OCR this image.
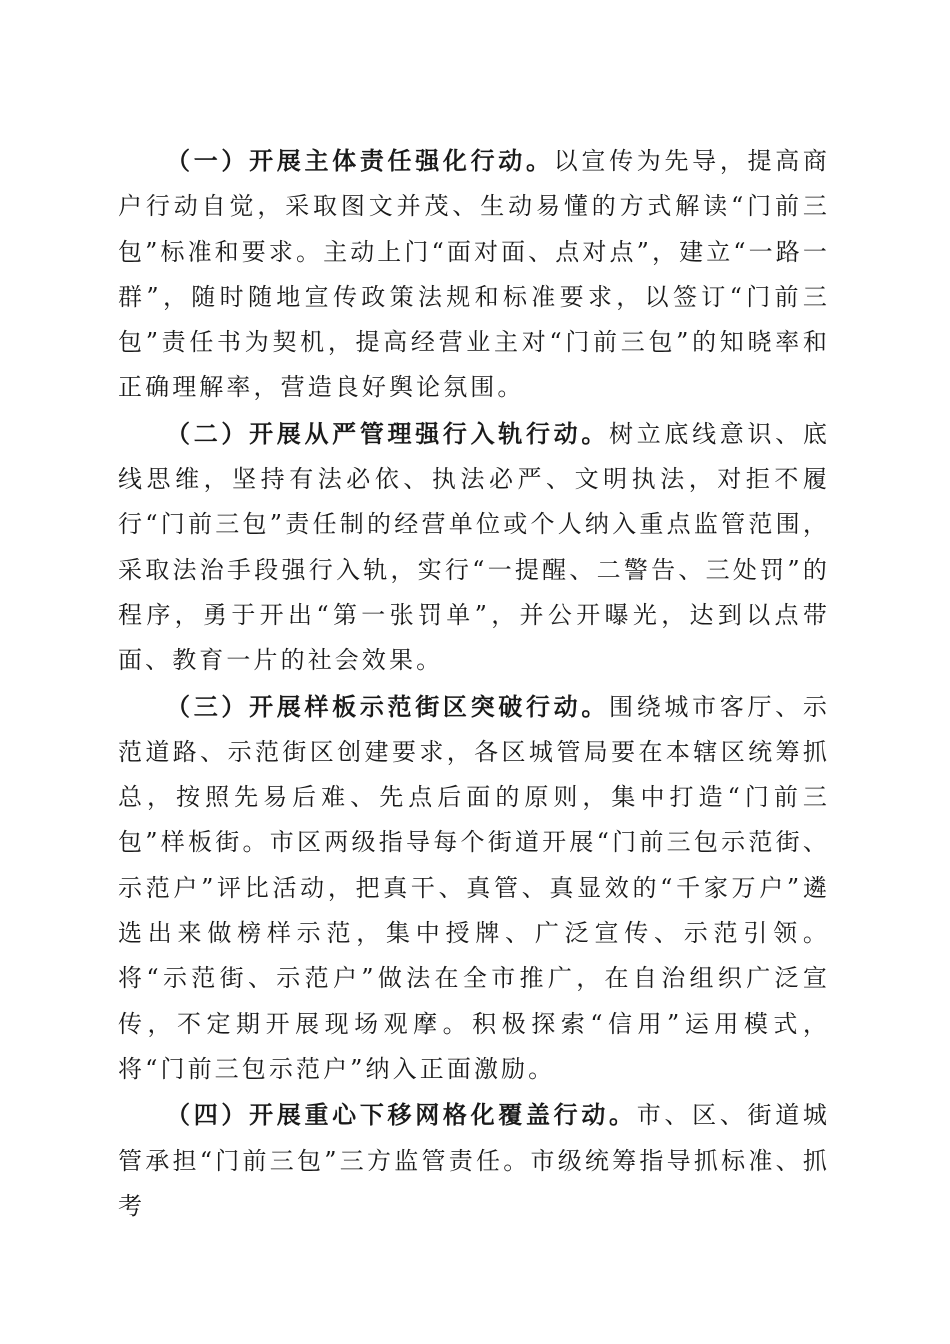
（一）开展主体责任强化行动。以宣传为先导，提高商户行动自觉，采取图文并茂、生动易懂的方式解读“门前三包”标准和要求。主动上门“面对面、点对点”，建立“一路一群”，随时随地宣传政策法规和标准要求，以签订“门前三包”责任书为契机，提高经营业主对“门前三包”的知晓率和正确理解率，营造良好舆论氛围。

（二）开展从严管理强行入轨行动。树立底线意识、底线思维，坚持有法必依、执法必严、文明执法，对拒不履行“门前三包”责任制的经营单位或个人纳入重点监管范围，采取法治手段强行入轨，实行“一提醒、二警告、三处罚”的程序，勇于开出“第一张罚单”，并公开曝光，达到以点带面、教育一片的社会效果。

（三）开展样板示范街区突破行动。围绕城市客厅、示范道路、示范街区创建要求，各区城管局要在本辖区统筹抓总，按照先易后难、先点后面的原则，集中打造“门前三包”样板街。市区两级指导每个街道开展“门前三包示范街、示范户”评比活动，把真干、真管、真显效的“千家万户”遴选出来做榜样示范，集中授牌、广泛宣传、示范引领。将“示范街、示范户”做法在全市推广，在自治组织广泛宣传，不定期开展现场观摩。积极探索“信用”运用模式，将“门前三包示范户”纳入正面激励。

（四）开展重心下移网格化覆盖行动。市、区、街道城管承担“门前三包”三方监管责任。市级统筹指导抓标准、抓考
